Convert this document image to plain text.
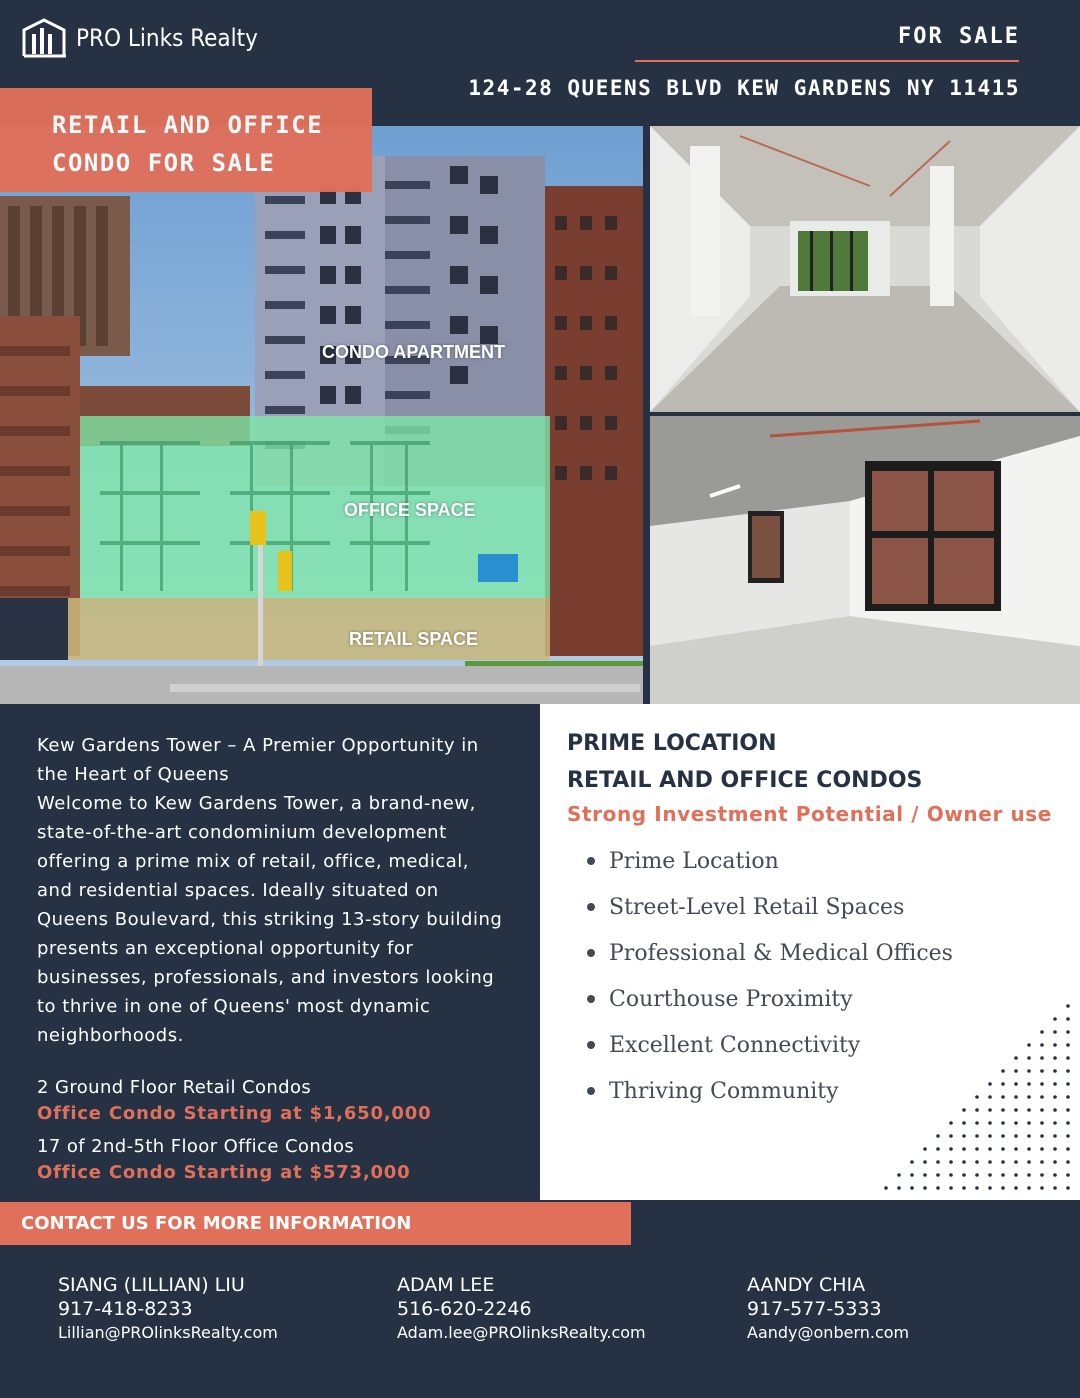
PRO Links Realty	FOR SALE
124-28 QUEENS BLVD KEW GARDENS NY 11415
RETAIL AND OFFICE
CONDO FOR SALE
CONDO APARTMENT
OFFICE SPACE
RETAIL SPACE
Kew Gardens Tower – A Premier Opportunity in the Heart of Queens
Welcome to Kew Gardens Tower, a brand-new, state-of-the-art condominium development offering a prime mix of retail, office, medical, and residential spaces. Ideally situated on Queens Boulevard, this striking 13-story building presents an exceptional opportunity for businesses, professionals, and investors looking to thrive in one of Queens' most dynamic neighborhoods.
2 Ground Floor Retail Condos
Office Condo Starting at $1,650,000
17 of 2nd-5th Floor Office Condos
Office Condo Starting at $573,000
PRIME LOCATION
RETAIL AND OFFICE CONDOS
Strong Investment Potential / Owner use
Prime Location
Street-Level Retail Spaces
Professional & Medical Offices
Courthouse Proximity
Excellent Connectivity
Thriving Community
CONTACT US FOR MORE INFORMATION
SIANG (LILLIAN) LIU
917-418-8233
Lillian@PROlinksRealty.com
ADAM LEE
516-620-2246
Adam.lee@PROlinksRealty.com
AANDY CHIA
917-577-5333
Aandy@onbern.com
